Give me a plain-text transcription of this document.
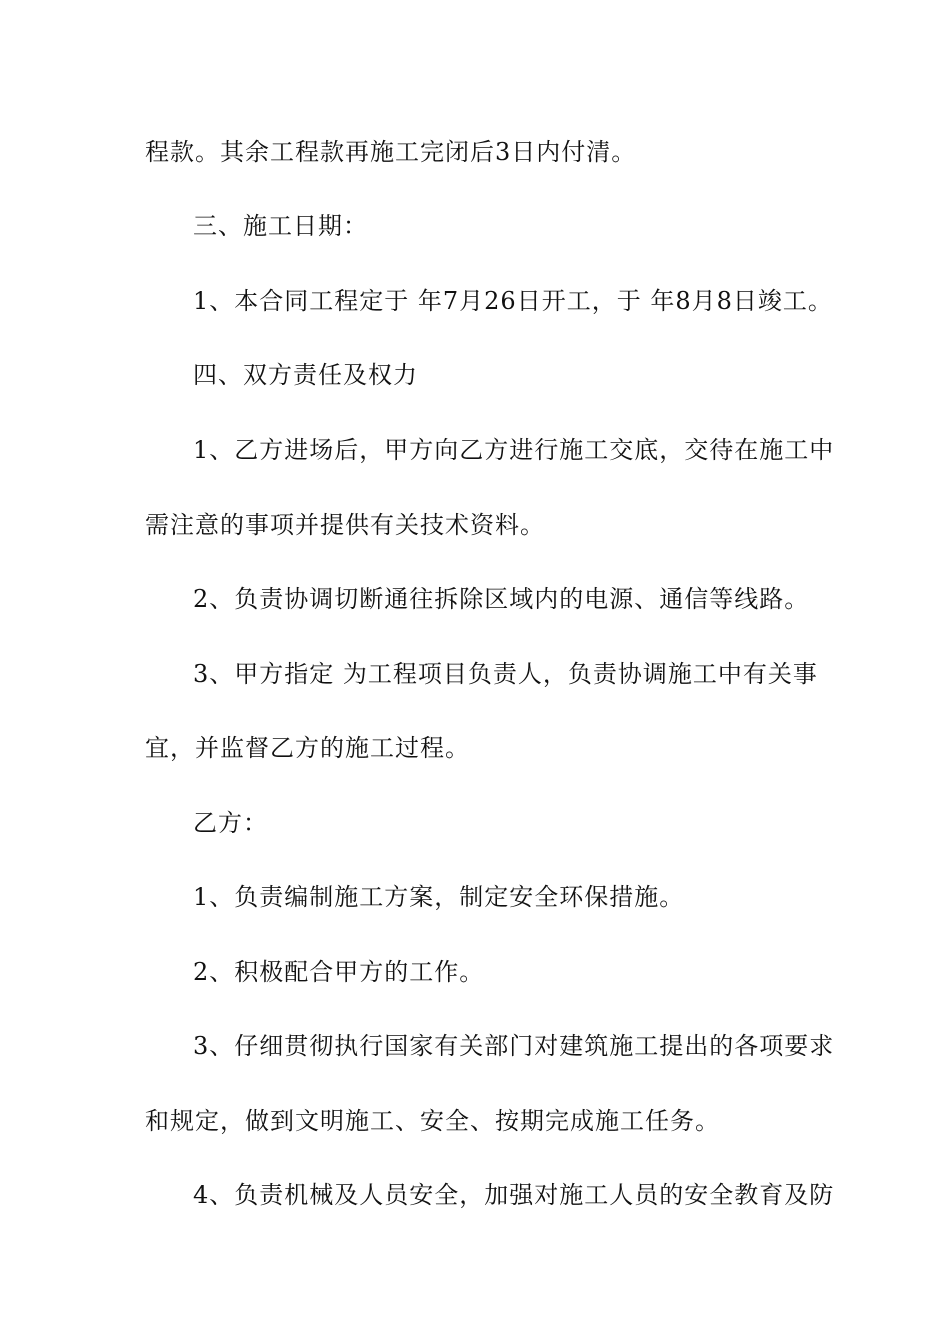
程款。其余工程款再施工完闭后3日内付清。
三、施工日期：
1、本合同工程定于 年7月26日开工，于 年8月8日竣工。
四、双方责任及权力
1、乙方进场后，甲方向乙方进行施工交底，交待在施工中
需注意的事项并提供有关技术资料。
2、负责协调切断通往拆除区域内的电源、通信等线路。
3、甲方指定 为工程项目负责人，负责协调施工中有关事
宜，并监督乙方的施工过程。
乙方：
1、负责编制施工方案，制定安全环保措施。
2、积极配合甲方的工作。
3、仔细贯彻执行国家有关部门对建筑施工提出的各项要求
和规定，做到文明施工、安全、按期完成施工任务。
4、负责机械及人员安全，加强对施工人员的安全教育及防
